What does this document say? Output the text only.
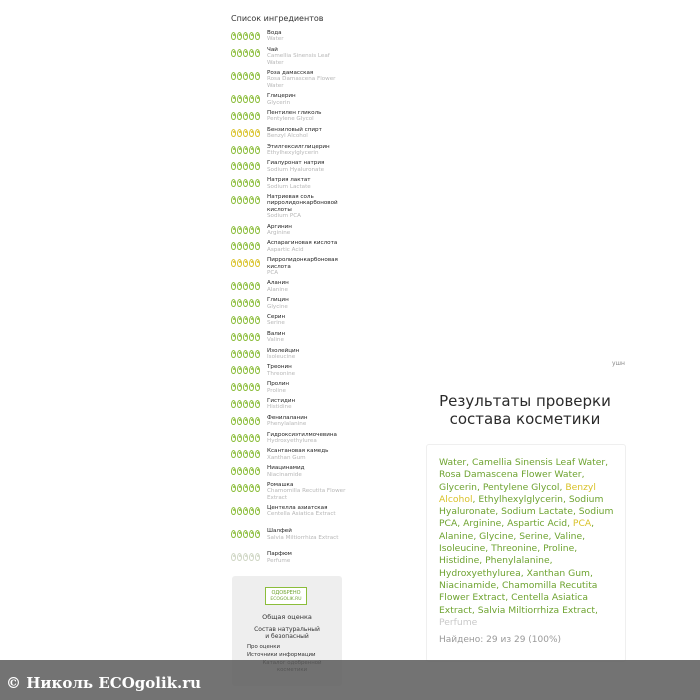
Список ингредиентов
Вода
Water
Чай
Camellia Sinensis Leaf Water
Роза дамасская
Rosa Damascena Flower Water
Глицерин
Glycerin
Пентилен гликоль
Pentylene Glycol
Бензиловый спирт
Benzyl Alcohol
Этилгексилглицерин
Ethylhexylglycerin
Гиалуронат натрия
Sodium Hyaluronate
Натрия лактат
Sodium Lactate
Натриевая соль пирролидонкарбоновой кислоты
Sodium PCA
Аргинин
Arginine
Аспарагиновая кислота
Aspartic Acid
Пирролидонкарбоновая кислота
PCA
Аланин
Alanine
Глицин
Glycine
Серин
Serine
Валин
Valine
Изолейцин
Isoleucine
Треонин
Threonine
Пролин
Proline
Гистидин
Histidine
Фенилаланин
Phenylalanine
Гидроксиэтилмочевина
Hydroxyethylurea
Ксантановая камедь
Xanthan Gum
Ниацинамид
Niacinamide
Ромашка
Chamomilla Recutita Flower Extract
Центелла азиатская
Centella Asiatica Extract
Шалфей
Salvia Miltiorrhiza Extract
Парфюм
Perfume
ОДОБРЕНО
ECOGOLIK.RU
Общая оценка
Состав натуральный и безопасный
Про оценки
Источники информации
ушн
Результаты проверки состава косметики
Water, Camellia Sinensis Leaf Water, Rosa Damascena Flower Water, Glycerin, Pentylene Glycol, Benzyl Alcohol, Ethylhexylglycerin, Sodium Hyaluronate, Sodium Lactate, Sodium PCA, Arginine, Aspartic Acid, PCA, Alanine, Glycine, Serine, Valine, Isoleucine, Threonine, Proline, Histidine, Phenylalanine, Hydroxyethylurea, Xanthan Gum, Niacinamide, Chamomilla Recutita Flower Extract, Centella Asiatica Extract, Salvia Miltiorrhiza Extract, Perfume
Найдено: 29 из 29 (100%)
© Николь ECOgolik.ru
